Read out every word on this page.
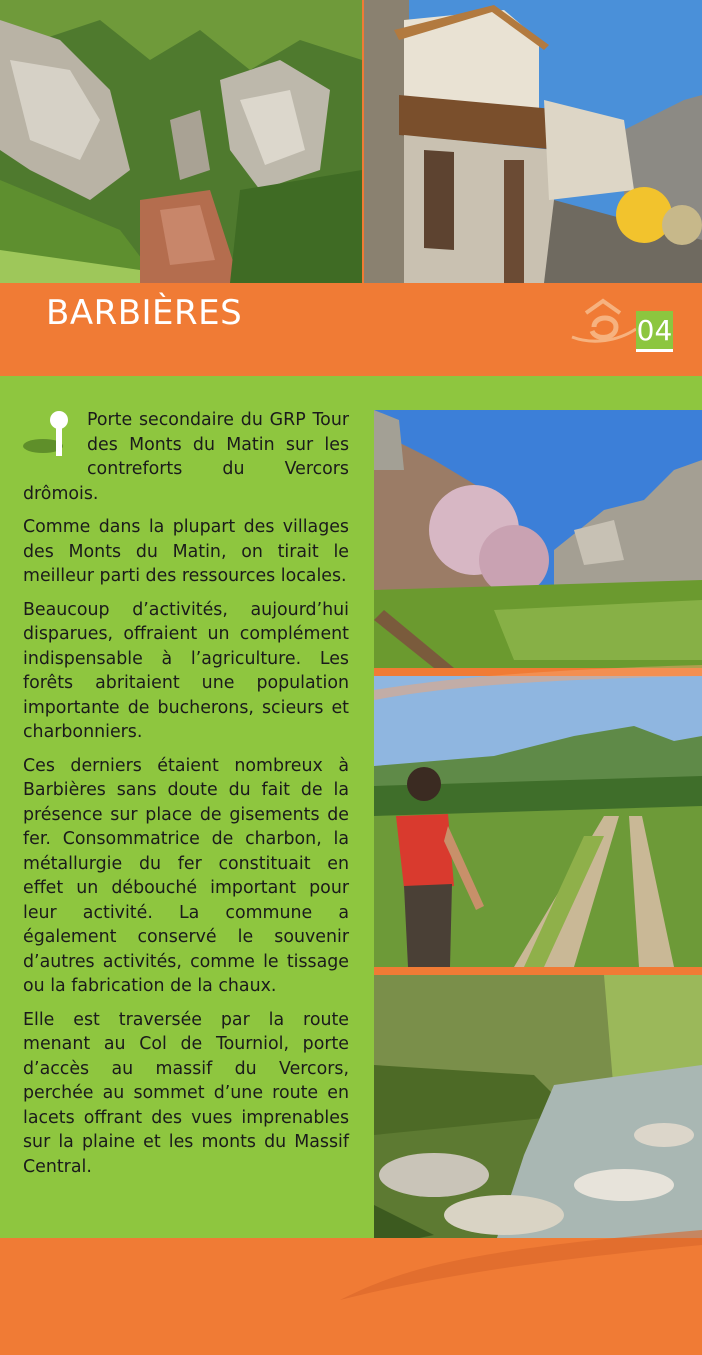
BARBIÈRES	04

Porte secondaire du GRP Tour des Monts du Matin sur les contreforts du Vercors drômois.

Comme dans la plupart des villages des Monts du Matin, on tirait le meilleur parti des ressources locales.

Beaucoup d’activités, aujourd’hui disparues, offraient un complément indispensable à l’agriculture. Les forêts abritaient une population importante de bucherons, scieurs et charbonniers.

Ces derniers étaient nombreux à Barbières sans doute du fait de la présence sur place de gisements de fer. Consommatrice de charbon, la métallurgie du fer constituait en effet un débouché important pour leur activité. La commune a également conservé le souvenir d’autres activités, comme le tissage ou la fabrication de la chaux.

Elle est traversée par la route menant au Col de Tourniol, porte d’accès au massif du Vercors, perchée au sommet d’une route en lacets offrant des vues imprenables sur la plaine et les monts du Massif Central.
